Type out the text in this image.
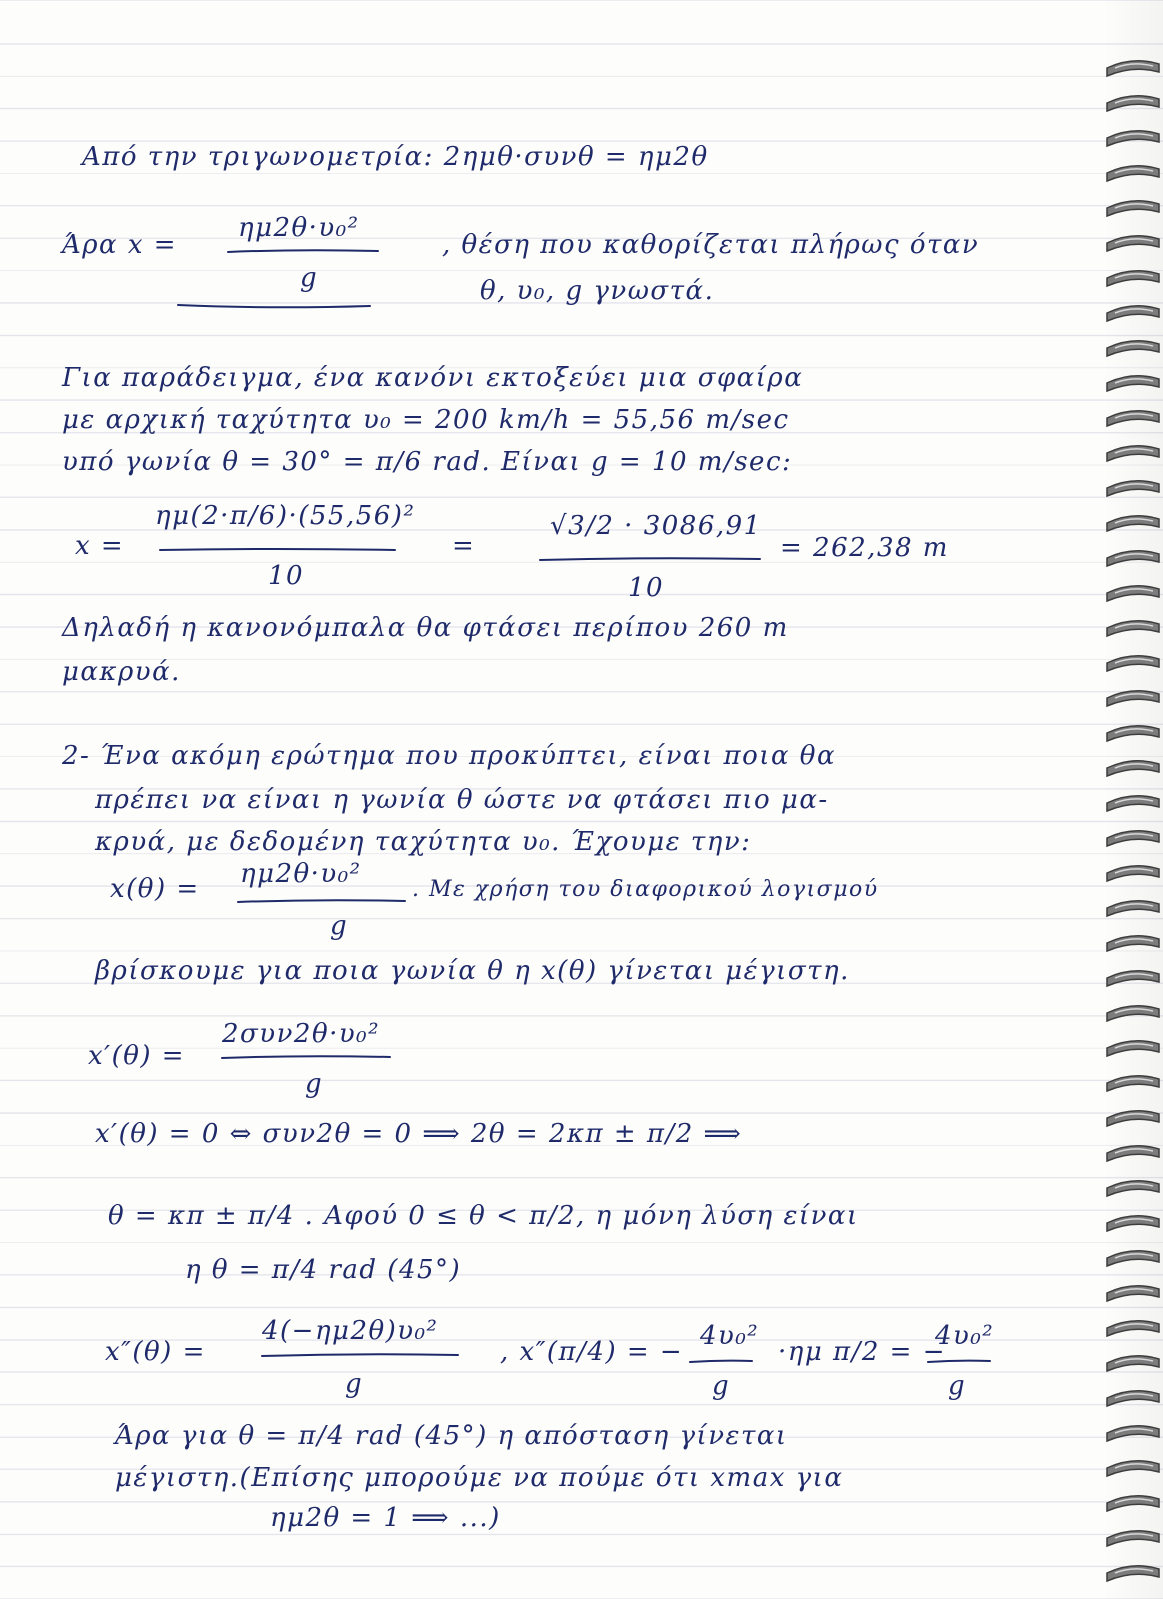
Από την τριγωνομετρία: 2ημθ·συνθ = ημ2θ
Άρα x =
ημ2θ·υ₀²
g
, θέση που καθορίζεται πλήρως όταν
θ, υ₀, g γνωστά.
Για παράδειγμα, ένα κανόνι εκτοξεύει μια σφαίρα
με αρχική ταχύτητα υ₀ = 200 km/h = 55,56 m/sec
υπό γωνία θ = 30° = π/6 rad. Είναι g = 10 m/sec:
x =
ημ(2·π/6)·(55,56)²
10
=
√3/2 · 3086,91
10
= 262,38 m
Δηλαδή η κανονόμπαλα θα φτάσει περίπου 260 m
μακρυά.
2- Ένα ακόμη ερώτημα που προκύπτει, είναι ποια θα
πρέπει να είναι η γωνία θ ώστε να φτάσει πιο μα-
κρυά, με δεδομένη ταχύτητα υ₀. Έχουμε την:
x(θ) = ημ2θ·υ₀²
g
. Με χρήση του διαφορικού λογισμού
βρίσκουμε για ποια γωνία θ η x(θ) γίνεται μέγιστη.
x′(θ) =
2συν2θ·υ₀²
g
x′(θ) = 0 ⇔ συν2θ = 0 ⟹ 2θ = 2κπ ± π/2 ⟹
θ = κπ ± π/4 . Αφού 0 ≤ θ < π/2, η μόνη λύση είναι
η θ = π/4 rad (45°)
x″(θ) =
4(−ημ2θ)υ₀²
g
, x″(π/4) = −
4υ₀²
g
·ημ π/2 = −
4υ₀²
g
Άρα για θ = π/4 rad (45°) η απόσταση γίνεται
μέγιστη.(Επίσης μπορούμε να πούμε ότι xmax για
ημ2θ = 1 ⟹ ...)
